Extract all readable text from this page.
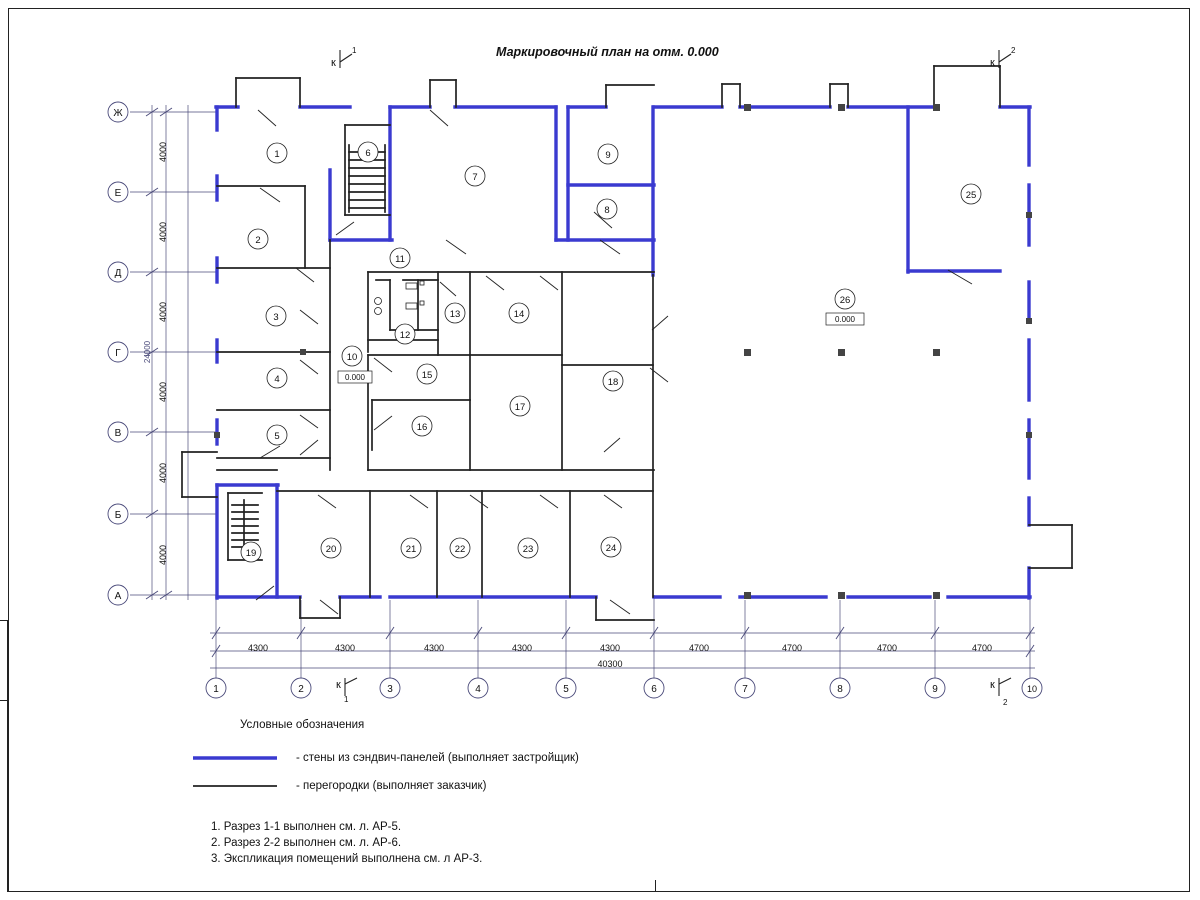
Маркировочный план на отм. 0.000
Ж
Е
Д
Г
В
Б
А
1	2	3	4	5	6	7	8	9	10
4300	4300	4300	4300	4300	4700	4700	4700	4700
40300
4000
4000
4000
4000
4000
4000
24000
1
2
3
4
5
6
7
8
9
10
11
12
13	14
15
16
17
18
19	20	21	22	23	24
25
26
0.000
0.000
к
1
к
2
к
1
к
2
Условные обозначения
- стены из сэндвич-панелей (выполняет застройщик)
- перегородки (выполняет заказчик)
1. Разрез 1-1 выполнен см. л. АР-5.
2. Разрез 2-2 выполнен см. л. АР-6.
3. Экспликация помещений выполнена см. л АР-3.
